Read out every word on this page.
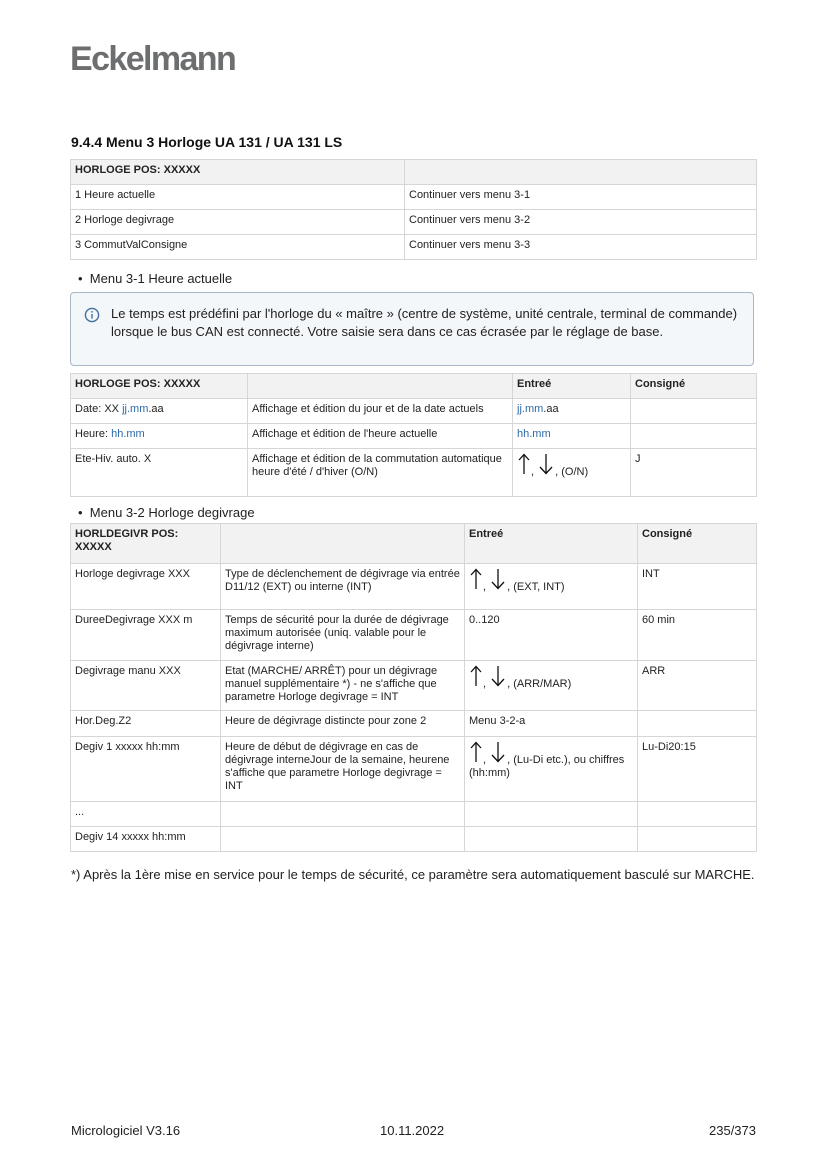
Eckelmann
9.4.4 Menu 3 Horloge UA 131 / UA 131 LS
HORLOGE POS: XXXXX	
1 Heure actuelle	Continuer vers menu 3-1
2 Horloge degivrage	Continuer vers menu 3-2
3 CommutValConsigne	Continuer vers menu 3-3
•  Menu 3-1 Heure actuelle
Le temps est prédéfini par l'horloge du « maître » (centre de système, unité centrale, terminal de commande) lorsque le bus CAN est connecté. Votre saisie sera dans ce cas écrasée par le réglage de base.
HORLOGE POS: XXXXX		Entreé	Consigné
Date: XX jj.mm.aa	Affichage et édition du jour et de la date actuels	jj.mm.aa	
Heure: hh.mm	Affichage et édition de l'heure actuelle	hh.mm	
Ete-Hiv. auto. X	Affichage et édition de la commutation automatique heure d'été / d'hiver (O/N)	, , (O/N)	J
•  Menu 3-2 Horloge degivrage
HORLDEGIVR POS: XXXXX		Entreé	Consigné
Horloge degivrage XXX	Type de déclenchement de dégivrage via entrée D11/12 (EXT) ou interne (INT)	, , (EXT, INT)	INT
DureeDegivrage XXX m	Temps de sécurité pour la durée de dégivrage maximum autorisée (uniq. valable pour le dégivrage interne)	0..120	60 min
Degivrage manu XXX	Etat (MARCHE/ ARRÊT) pour un dégivrage manuel supplémentaire *) - ne s'affiche que parametre Horloge degivrage = INT	, , (ARR/MAR)	ARR
Hor.Deg.Z2	Heure de dégivrage distincte pour zone 2	Menu 3-2-a	
Degiv 1 xxxxx hh:mm	Heure de début de dégivrage en cas de dégivrage interneJour de la semaine, heurene s'affiche que parametre Horloge degivrage = INT	, , (Lu-Di etc.), ou chiffres (hh:mm)	Lu-Di20:15
...			
Degiv 14 xxxxx hh:mm			
*) Après la 1ère mise en service pour le temps de sécurité, ce paramètre sera automatiquement basculé sur MARCHE.
Micrologiciel V3.16	10.11.2022	235/373
